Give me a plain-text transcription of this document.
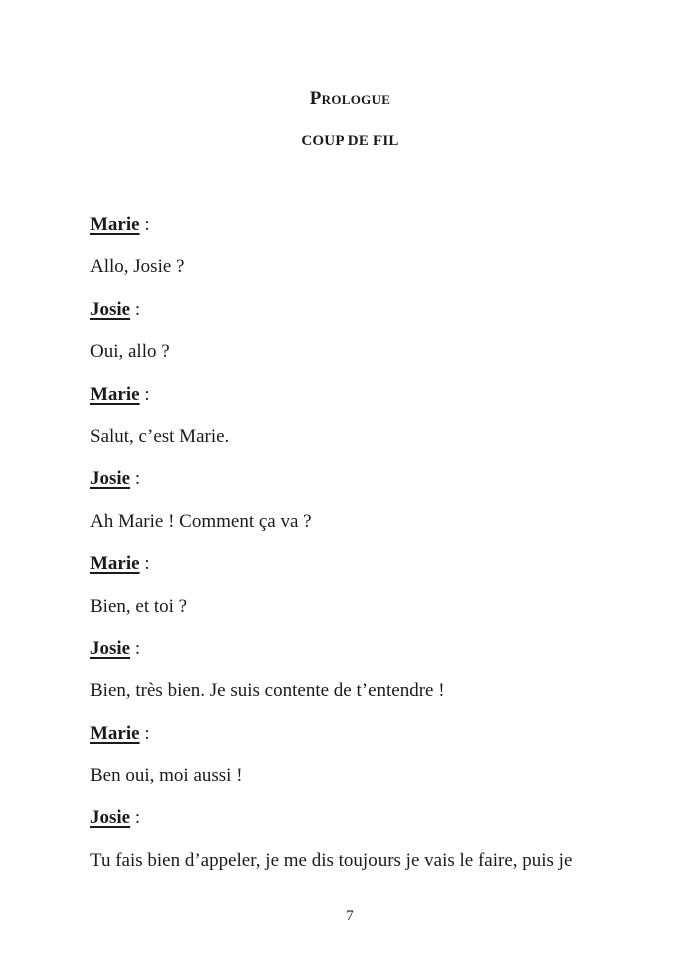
Prologue
COUP DE FIL
Marie :
Allo, Josie ?
Josie :
Oui, allo ?
Marie :
Salut, c’est Marie.
Josie :
Ah Marie ! Comment ça va ?
Marie :
Bien, et toi ?
Josie :
Bien, très bien. Je suis contente de t’entendre !
Marie :
Ben oui, moi aussi !
Josie :
Tu fais bien d’appeler, je me dis toujours je vais le faire, puis je
7
